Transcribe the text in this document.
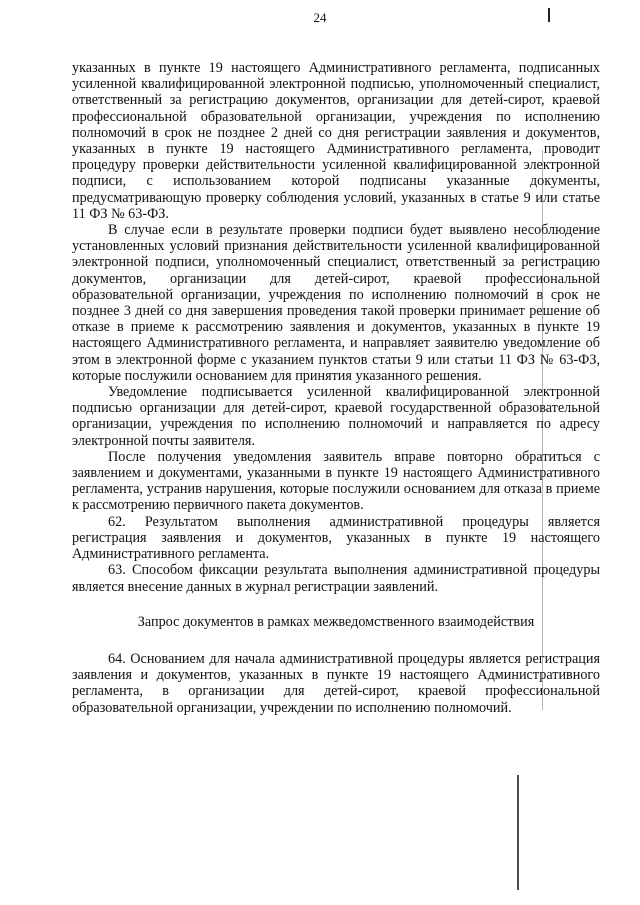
24

указанных в пункте 19 настоящего Административного регламента, подписанных усиленной квалифицированной электронной подписью, уполномоченный специалист, ответственный за регистрацию документов, организации для детей-сирот, краевой профессиональной образовательной организации, учреждения по исполнению полномочий в срок не позднее 2 дней со дня регистрации заявления и документов, указанных в пункте 19 настоящего Административного регламента, проводит процедуру проверки действительности усиленной квалифицированной электронной подписи, с использованием которой подписаны указанные документы, предусматривающую проверку соблюдения условий, указанных в статье 9 или статье 11 ФЗ № 63-ФЗ.

В случае если в результате проверки подписи будет выявлено несоблюдение установленных условий признания действительности усиленной квалифицированной электронной подписи, уполномоченный специалист, ответственный за регистрацию документов, организации для детей-сирот, краевой профессиональной образовательной организации, учреждения по исполнению полномочий в срок не позднее 3 дней со дня завершения проведения такой проверки принимает решение об отказе в приеме к рассмотрению заявления и документов, указанных в пункте 19 настоящего Административного регламента, и направляет заявителю уведомление об этом в электронной форме с указанием пунктов статьи 9 или статьи 11 ФЗ № 63-ФЗ, которые послужили основанием для принятия указанного решения.

Уведомление подписывается усиленной квалифицированной электронной подписью организации для детей-сирот, краевой государственной образовательной организации, учреждения по исполнению полномочий и направляется по адресу электронной почты заявителя.

После получения уведомления заявитель вправе повторно обратиться с заявлением и документами, указанными в пункте 19 настоящего Административного регламента, устранив нарушения, которые послужили основанием для отказа в приеме к рассмотрению первичного пакета документов.

62. Результатом выполнения административной процедуры является регистрация заявления и документов, указанных в пункте 19 настоящего Административного регламента.

63. Способом фиксации результата выполнения административной процедуры является внесение данных в журнал регистрации заявлений.

Запрос документов в рамках межведомственного взаимодействия

64. Основанием для начала административной процедуры является регистрация заявления и документов, указанных в пункте 19 настоящего Административного регламента, в организации для детей-сирот, краевой профессиональной образовательной организации, учреждении по исполнению полномочий.
